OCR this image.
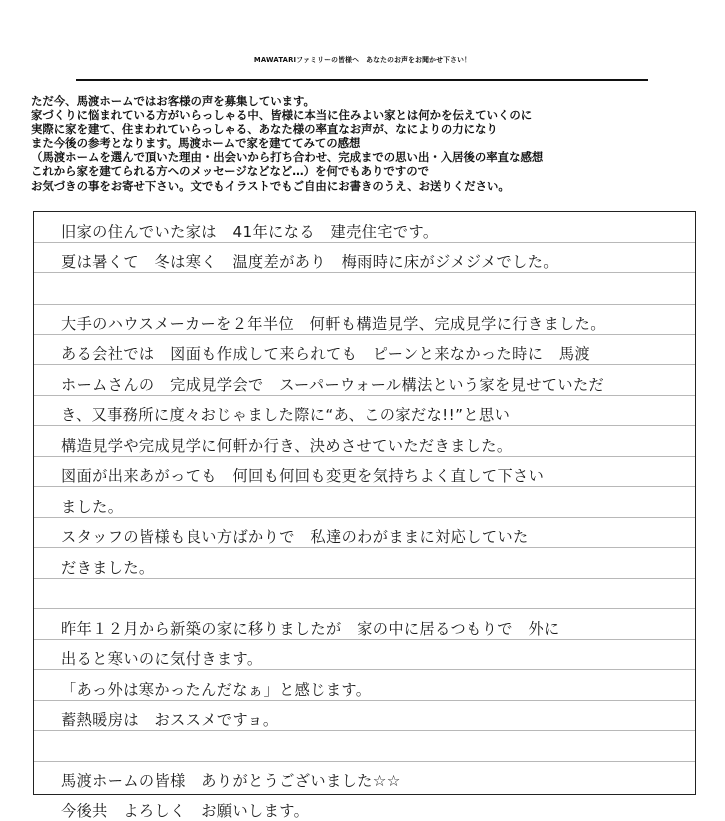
MAWATARIファミリーの皆様へ　あなたのお声をお聞かせ下さい！
ただ今、馬渡ホームではお客様の声を募集しています。
家づくりに悩まれている方がいらっしゃる中、皆様に本当に住みよい家とは何かを伝えていくのに
実際に家を建て、住まわれていらっしゃる、あなた様の率直なお声が、なによりの力になり
また今後の参考となります。馬渡ホームで家を建ててみての感想
（馬渡ホームを選んで頂いた理由・出会いから打ち合わせ、完成までの思い出・入居後の率直な感想
これから家を建てられる方へのメッセージなどなど…）を何でもありですので
お気づきの事をお寄せ下さい。文でもイラストでもご自由にお書きのうえ、お送りください。
旧家の住んでいた家は　41年になる　建売住宅です。
夏は暑くて　冬は寒く　温度差があり　梅雨時に床がジメジメでした。
大手のハウスメーカーを２年半位　何軒も構造見学、完成見学に行きました。
ある会社では　図面も作成して来られても　ピーンと来なかった時に　馬渡
ホームさんの　完成見学会で　スーパーウォール構法という家を見せていただ
き、又事務所に度々おじゃました際に“あ、この家だな!!”と思い
構造見学や完成見学に何軒か行き、決めさせていただきました。
図面が出来あがっても　何回も何回も変更を気持ちよく直して下さい
ました。
スタッフの皆様も良い方ばかりで　私達のわがままに対応していた
だきました。
昨年１２月から新築の家に移りましたが　家の中に居るつもりで　外に
出ると寒いのに気付きます。
「あっ外は寒かったんだなぁ」と感じます。
蓄熱暖房は　おススメですョ。
馬渡ホームの皆様　ありがとうございました☆☆
今後共　よろしく　お願いします。
